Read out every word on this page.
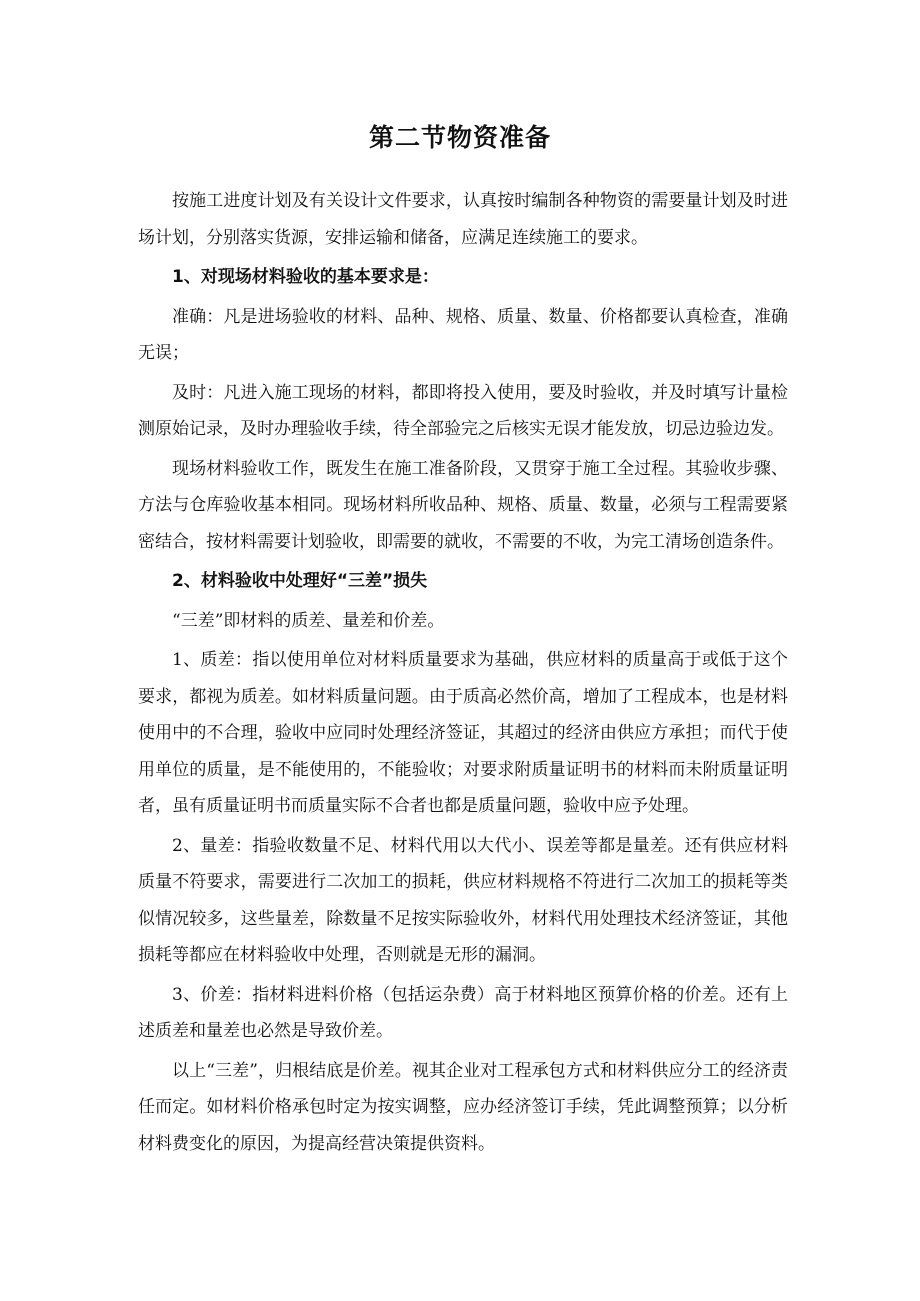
第二节物资准备

按施工进度计划及有关设计文件要求，认真按时编制各种物资的需要量计划及时进场计划，分别落实货源，安排运输和储备，应满足连续施工的要求。

1、对现场材料验收的基本要求是：

准确：凡是进场验收的材料、品种、规格、质量、数量、价格都要认真检查，准确无误；

及时：凡进入施工现场的材料，都即将投入使用，要及时验收，并及时填写计量检测原始记录，及时办理验收手续，待全部验完之后核实无误才能发放，切忌边验边发。

现场材料验收工作，既发生在施工准备阶段，又贯穿于施工全过程。其验收步骤、方法与仓库验收基本相同。现场材料所收品种、规格、质量、数量，必须与工程需要紧密结合，按材料需要计划验收，即需要的就收，不需要的不收，为完工清场创造条件。

2、材料验收中处理好“三差”损失

“三差”即材料的质差、量差和价差。

1、质差：指以使用单位对材料质量要求为基础，供应材料的质量高于或低于这个要求，都视为质差。如材料质量问题。由于质高必然价高，增加了工程成本，也是材料使用中的不合理，验收中应同时处理经济签证，其超过的经济由供应方承担；而代于使用单位的质量，是不能使用的，不能验收；对要求附质量证明书的材料而未附质量证明者，虽有质量证明书而质量实际不合者也都是质量问题，验收中应予处理。

2、量差：指验收数量不足、材料代用以大代小、误差等都是量差。还有供应材料质量不符要求，需要进行二次加工的损耗，供应材料规格不符进行二次加工的损耗等类似情况较多，这些量差，除数量不足按实际验收外，材料代用处理技术经济签证，其他损耗等都应在材料验收中处理，否则就是无形的漏洞。

3、价差：指材料进料价格（包括运杂费）高于材料地区预算价格的价差。还有上述质差和量差也必然是导致价差。

以上“三差”，归根结底是价差。视其企业对工程承包方式和材料供应分工的经济责任而定。如材料价格承包时定为按实调整，应办经济签订手续，凭此调整预算；以分析材料费变化的原因，为提高经营决策提供资料。
